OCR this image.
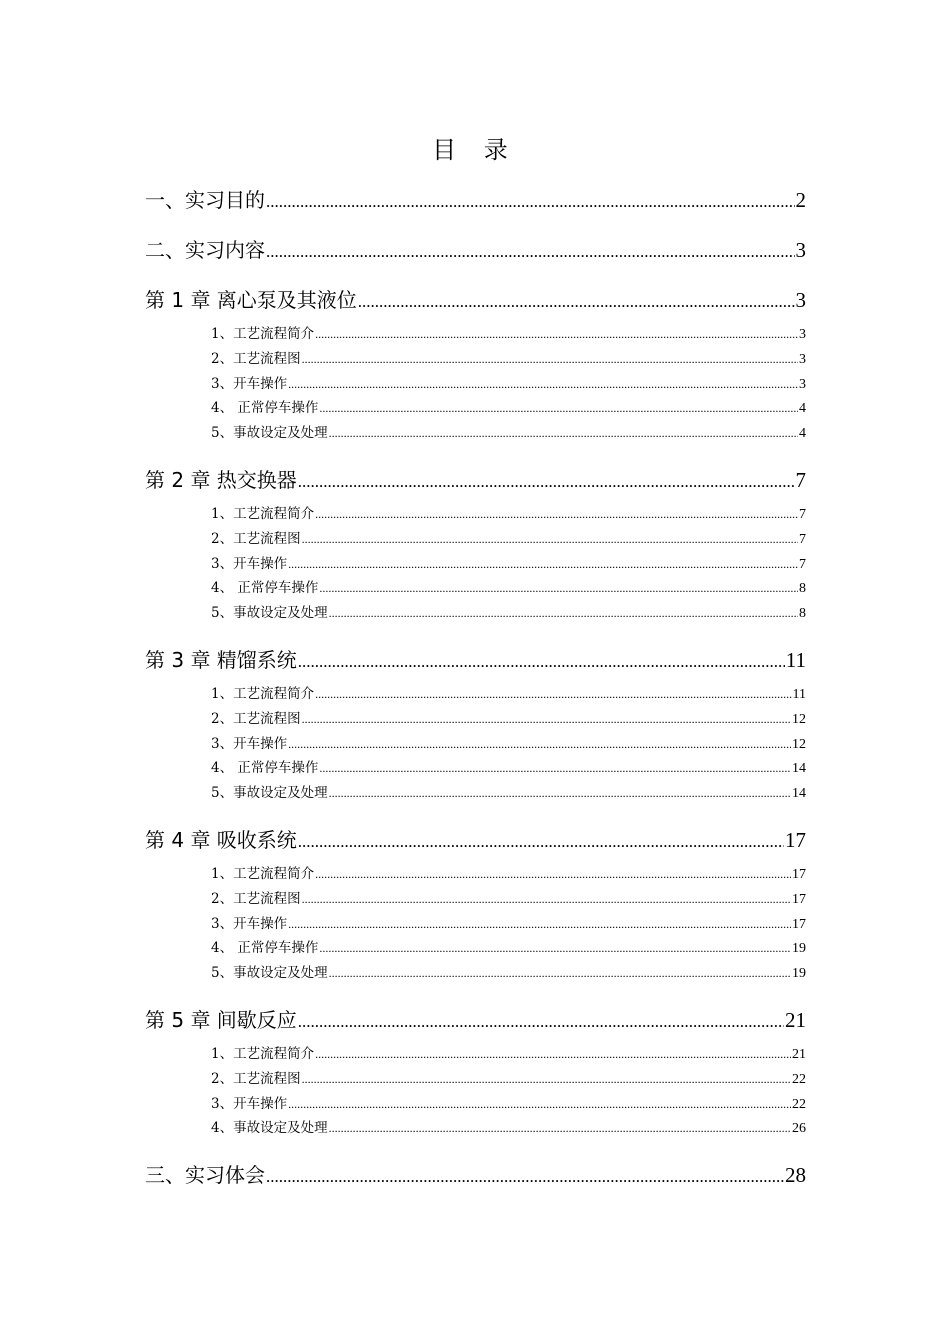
目 录
一、实习目的 .....	2
二、实习内容 .....	3
第 1 章 离心泵及其液位 .....	3
1、工艺流程简介 .....	3
2、工艺流程图 .....	3
3、开车操作 .....	3
4、 正常停车操作 .....	4
5、事故设定及处理 .....	4
第 2 章 热交换器 .....	7
1、工艺流程简介 .....	7
2、工艺流程图 .....	7
3、开车操作 .....	7
4、 正常停车操作 .....	8
5、事故设定及处理 .....	8
第 3 章 精馏系统 .....	11
1、工艺流程简介 .....	11
2、工艺流程图 .....	12
3、开车操作 .....	12
4、 正常停车操作 .....	14
5、事故设定及处理 .....	14
第 4 章 吸收系统 .....	17
1、工艺流程简介 .....	17
2、工艺流程图 .....	17
3、开车操作 .....	17
4、 正常停车操作 .....	19
5、事故设定及处理 .....	19
第 5 章 间歇反应 .....	21
1、工艺流程简介 .....	21
2、工艺流程图 .....	22
3、开车操作 .....	22
4、事故设定及处理 .....	26
三、实习体会 .....	28
